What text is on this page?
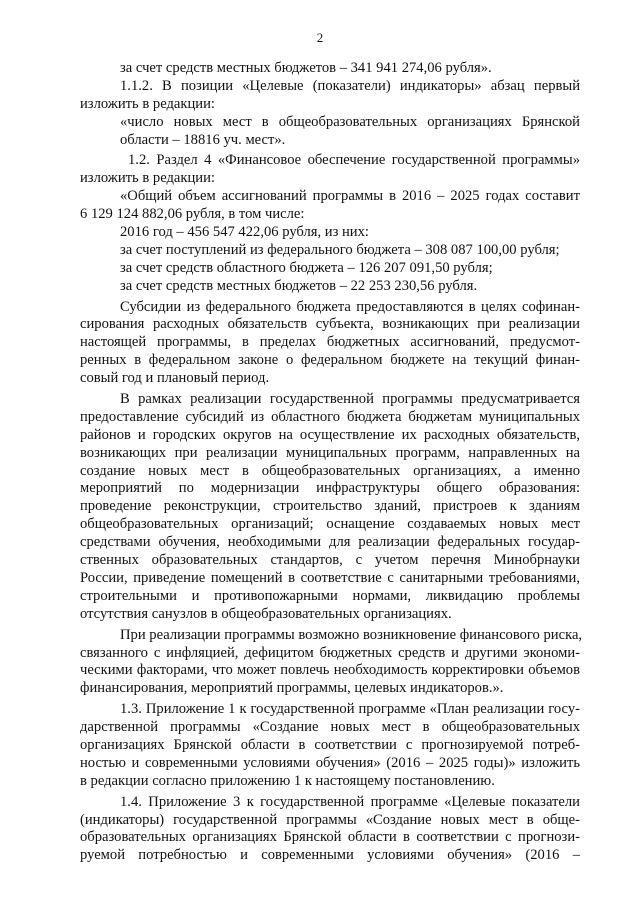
2
за счет средств местных бюджетов – 341 941 274,06 рубля».
1.1.2. В позиции «Целевые (показатели) индикаторы» абзац первый
изложить в редакции:
«число новых мест в общеобразовательных организациях Брянской
области – 18816 уч. мест».
1.2. Раздел 4 «Финансовое обеспечение государственной программы»
изложить в редакции:
«Общий объем ассигнований программы в 2016 – 2025 годах составит
6 129 124 882,06 рубля, в том числе:
2016 год – 456 547 422,06 рубля, из них:
за счет поступлений из федерального бюджета – 308 087 100,00 рубля;
за счет средств областного бюджета – 126 207 091,50 рубля;
за счет средств местных бюджетов – 22 253 230,56 рубля.
Субсидии из федерального бюджета предоставляются в целях софинан-
сирования расходных обязательств субъекта, возникающих при реализации
настоящей программы, в пределах бюджетных ассигнований, предусмот-
ренных в федеральном законе о федеральном бюджете на текущий финан-
совый год и плановый период.
В рамках реализации государственной программы предусматривается
предоставление субсидий из областного бюджета бюджетам муниципальных
районов и городских округов на осуществление их расходных обязательств,
возникающих при реализации муниципальных программ, направленных на
создание новых мест в общеобразовательных организациях, а именно
мероприятий по модернизации инфраструктуры общего образования:
проведение реконструкции, строительство зданий, пристроев к зданиям
общеобразовательных организаций; оснащение создаваемых новых мест
средствами обучения, необходимыми для реализации федеральных государ-
ственных образовательных стандартов, с учетом перечня Минобрнауки
России, приведение помещений в соответствие с санитарными требованиями,
строительными и противопожарными нормами, ликвидацию проблемы
отсутствия санузлов в общеобразовательных организациях.
При реализации программы возможно возникновение финансового риска,
связанного с инфляцией, дефицитом бюджетных средств и другими экономи-
ческими факторами, что может повлечь необходимость корректировки объемов
финансирования, мероприятий программы, целевых индикаторов.».
1.3. Приложение 1 к государственной программе «План реализации госу-
дарственной программы «Создание новых мест в общеобразовательных
организациях Брянской области в соответствии с прогнозируемой потреб-
ностью и современными условиями обучения» (2016 – 2025 годы)» изложить
в редакции согласно приложению 1 к настоящему постановлению.
1.4. Приложение 3 к государственной программе «Целевые показатели
(индикаторы) государственной программы «Создание новых мест в обще-
образовательных организациях Брянской области в соответствии с прогнози-
руемой потребностью и современными условиями обучения» (2016 –
